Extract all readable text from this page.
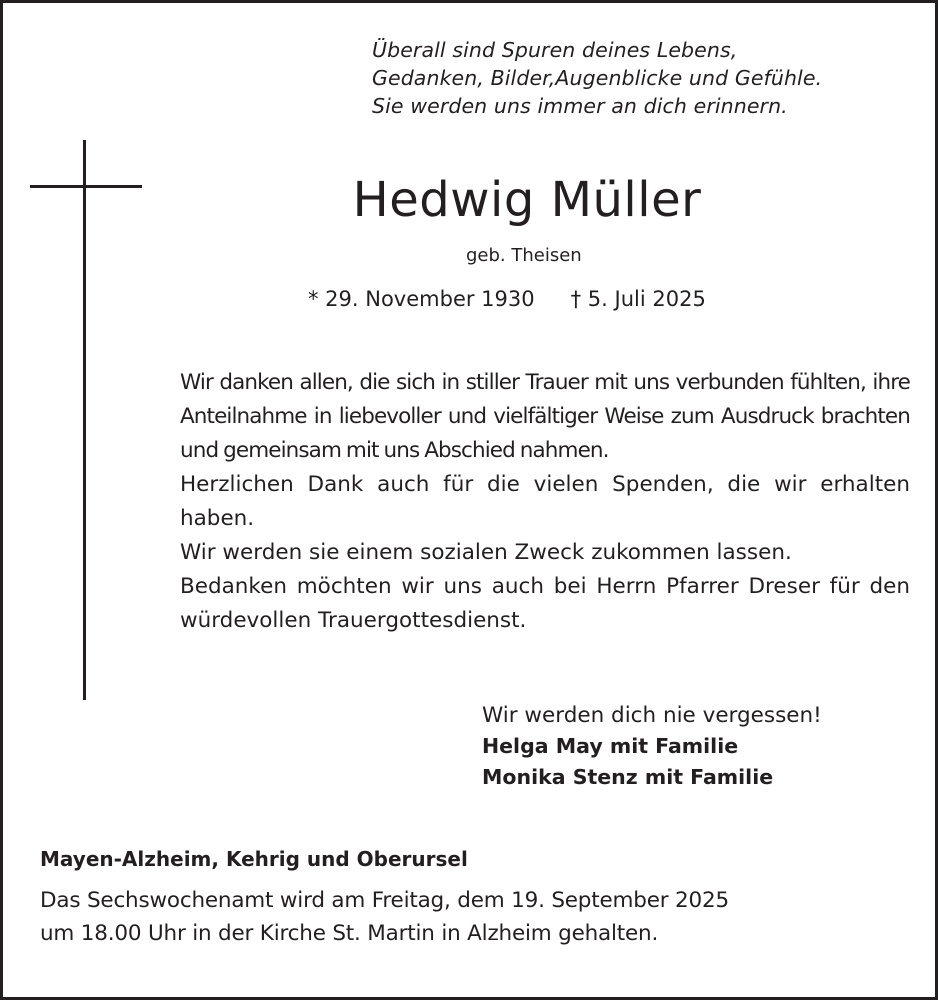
Überall sind Spuren deines Lebens,
Gedanken, Bilder,Augenblicke und Gefühle.
Sie werden uns immer an dich erinnern.
Hedwig Müller
geb. Theisen
* 29. November 1930 † 5. Juli 2025

Wir danken allen, die sich in stiller Trauer mit uns verbunden fühlten, ihre Anteilnahme in liebevoller und vielfältiger Weise zum Ausdruck brachten und gemeinsam mit uns Abschied nahmen.

Herzlichen Dank auch für die vielen Spenden, die wir erhalten haben.

Wir werden sie einem sozialen Zweck zukommen lassen.

Bedanken möchten wir uns auch bei Herrn Pfarrer Dreser für den würdevollen Trauergottesdienst.

Wir werden dich nie vergessen!
Helga May mit Familie
Monika Stenz mit Familie
Mayen-Alzheim, Kehrig und Oberursel
Das Sechswochenamt wird am Freitag, dem 19. September 2025
um 18.00 Uhr in der Kirche St. Martin in Alzheim gehalten.
